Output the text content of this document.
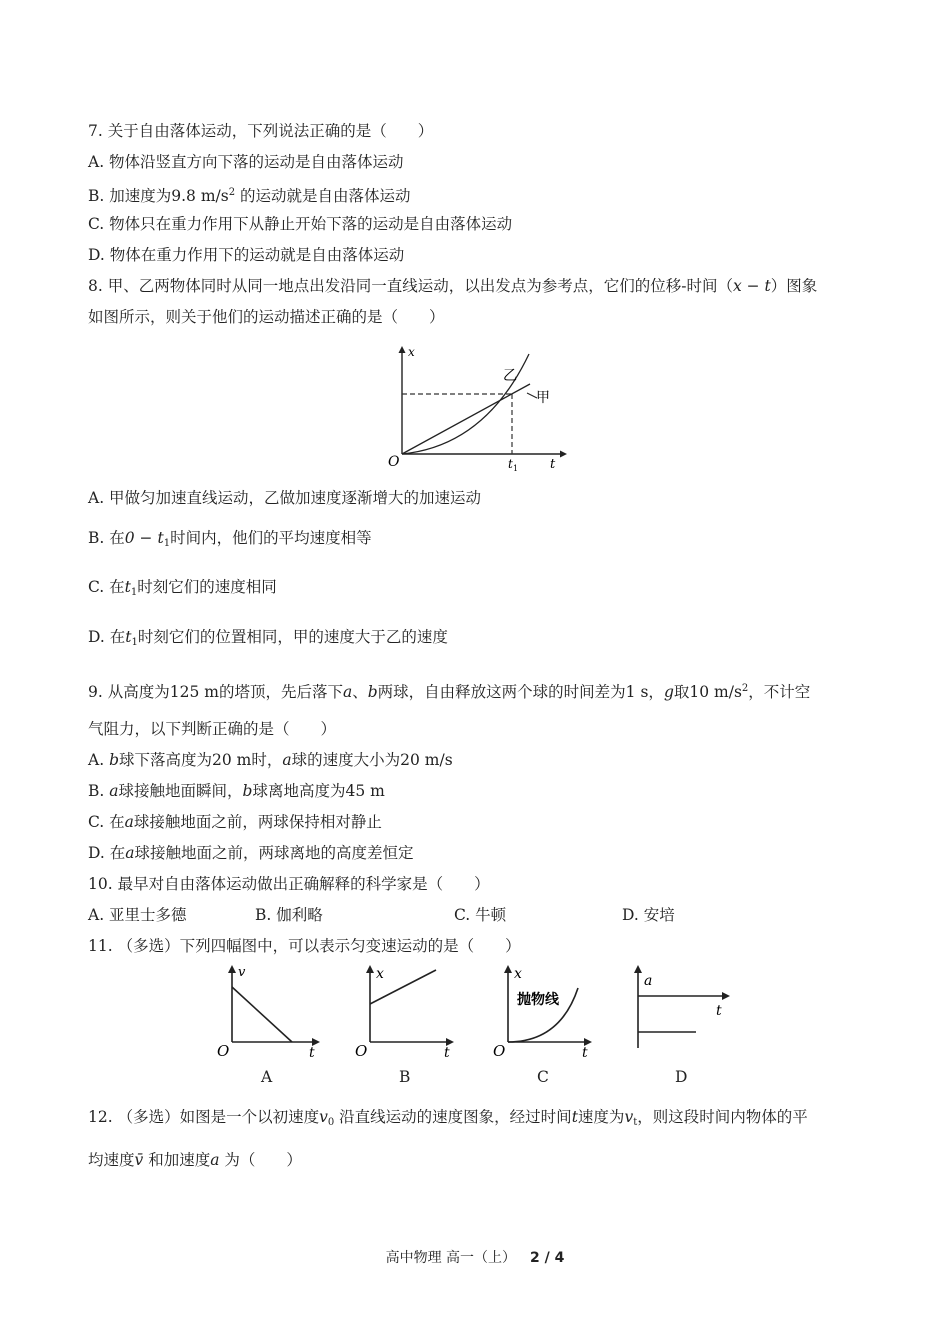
7. 关于自由落体运动，下列说法正确的是（　　）
A. 物体沿竖直方向下落的运动是自由落体运动
B. 加速度为9.8 $m/s^2$ 的运动就是自由落体运动
C. 物体只在重力作用下从静止开始下落的运动是自由落体运动
D. 物体在重力作用下的运动就是自由落体运动
8. 甲、乙两物体同时从同一地点出发沿同一直线运动，以出发点为参考点，它们的位移-时间（x − t）图象
如图所示，则关于他们的运动描述正确的是（　　）
x
O	t
t 1
乙
甲
A. 甲做匀加速直线运动，乙做加速度逐渐增大的加速运动
B. 在$0 - t_1$时间内，他们的平均速度相等
C. 在$t_1$时刻它们的速度相同
D. 在$t_1$时刻它们的位置相同，甲的速度大于乙的速度
9. 从高度为125 m的塔顶，先后落下a、b两球，自由释放这两个球的时间差为1 s，g取10 $m/s^2$，不计空
气阻力，以下判断正确的是（　　）
A. b球下落高度为20 m时，a球的速度大小为20 m/s
B. a球接触地面瞬间，b球离地高度为45 m
C. 在a球接触地面之前，两球保持相对静止
D. 在a球接触地面之前，两球离地的高度差恒定
10. 最早对自由落体运动做出正确解释的科学家是（　　）
A. 亚里士多德	B. 伽利略	C. 牛顿	D. 安培
11. （多选）下列四幅图中，可以表示匀变速运动的是（　　）
v
O	t
x
O	t
x
抛物线
O	t
a
t
A	B	C	D
12. （多选）如图是一个以初速度$v_0$ 沿直线运动的速度图象，经过时间t速度为$v_t$，则这段时间内物体的平
均速度v̄ 和加速度a 为（　　）
高中物理 高一（上） 2 / 4
